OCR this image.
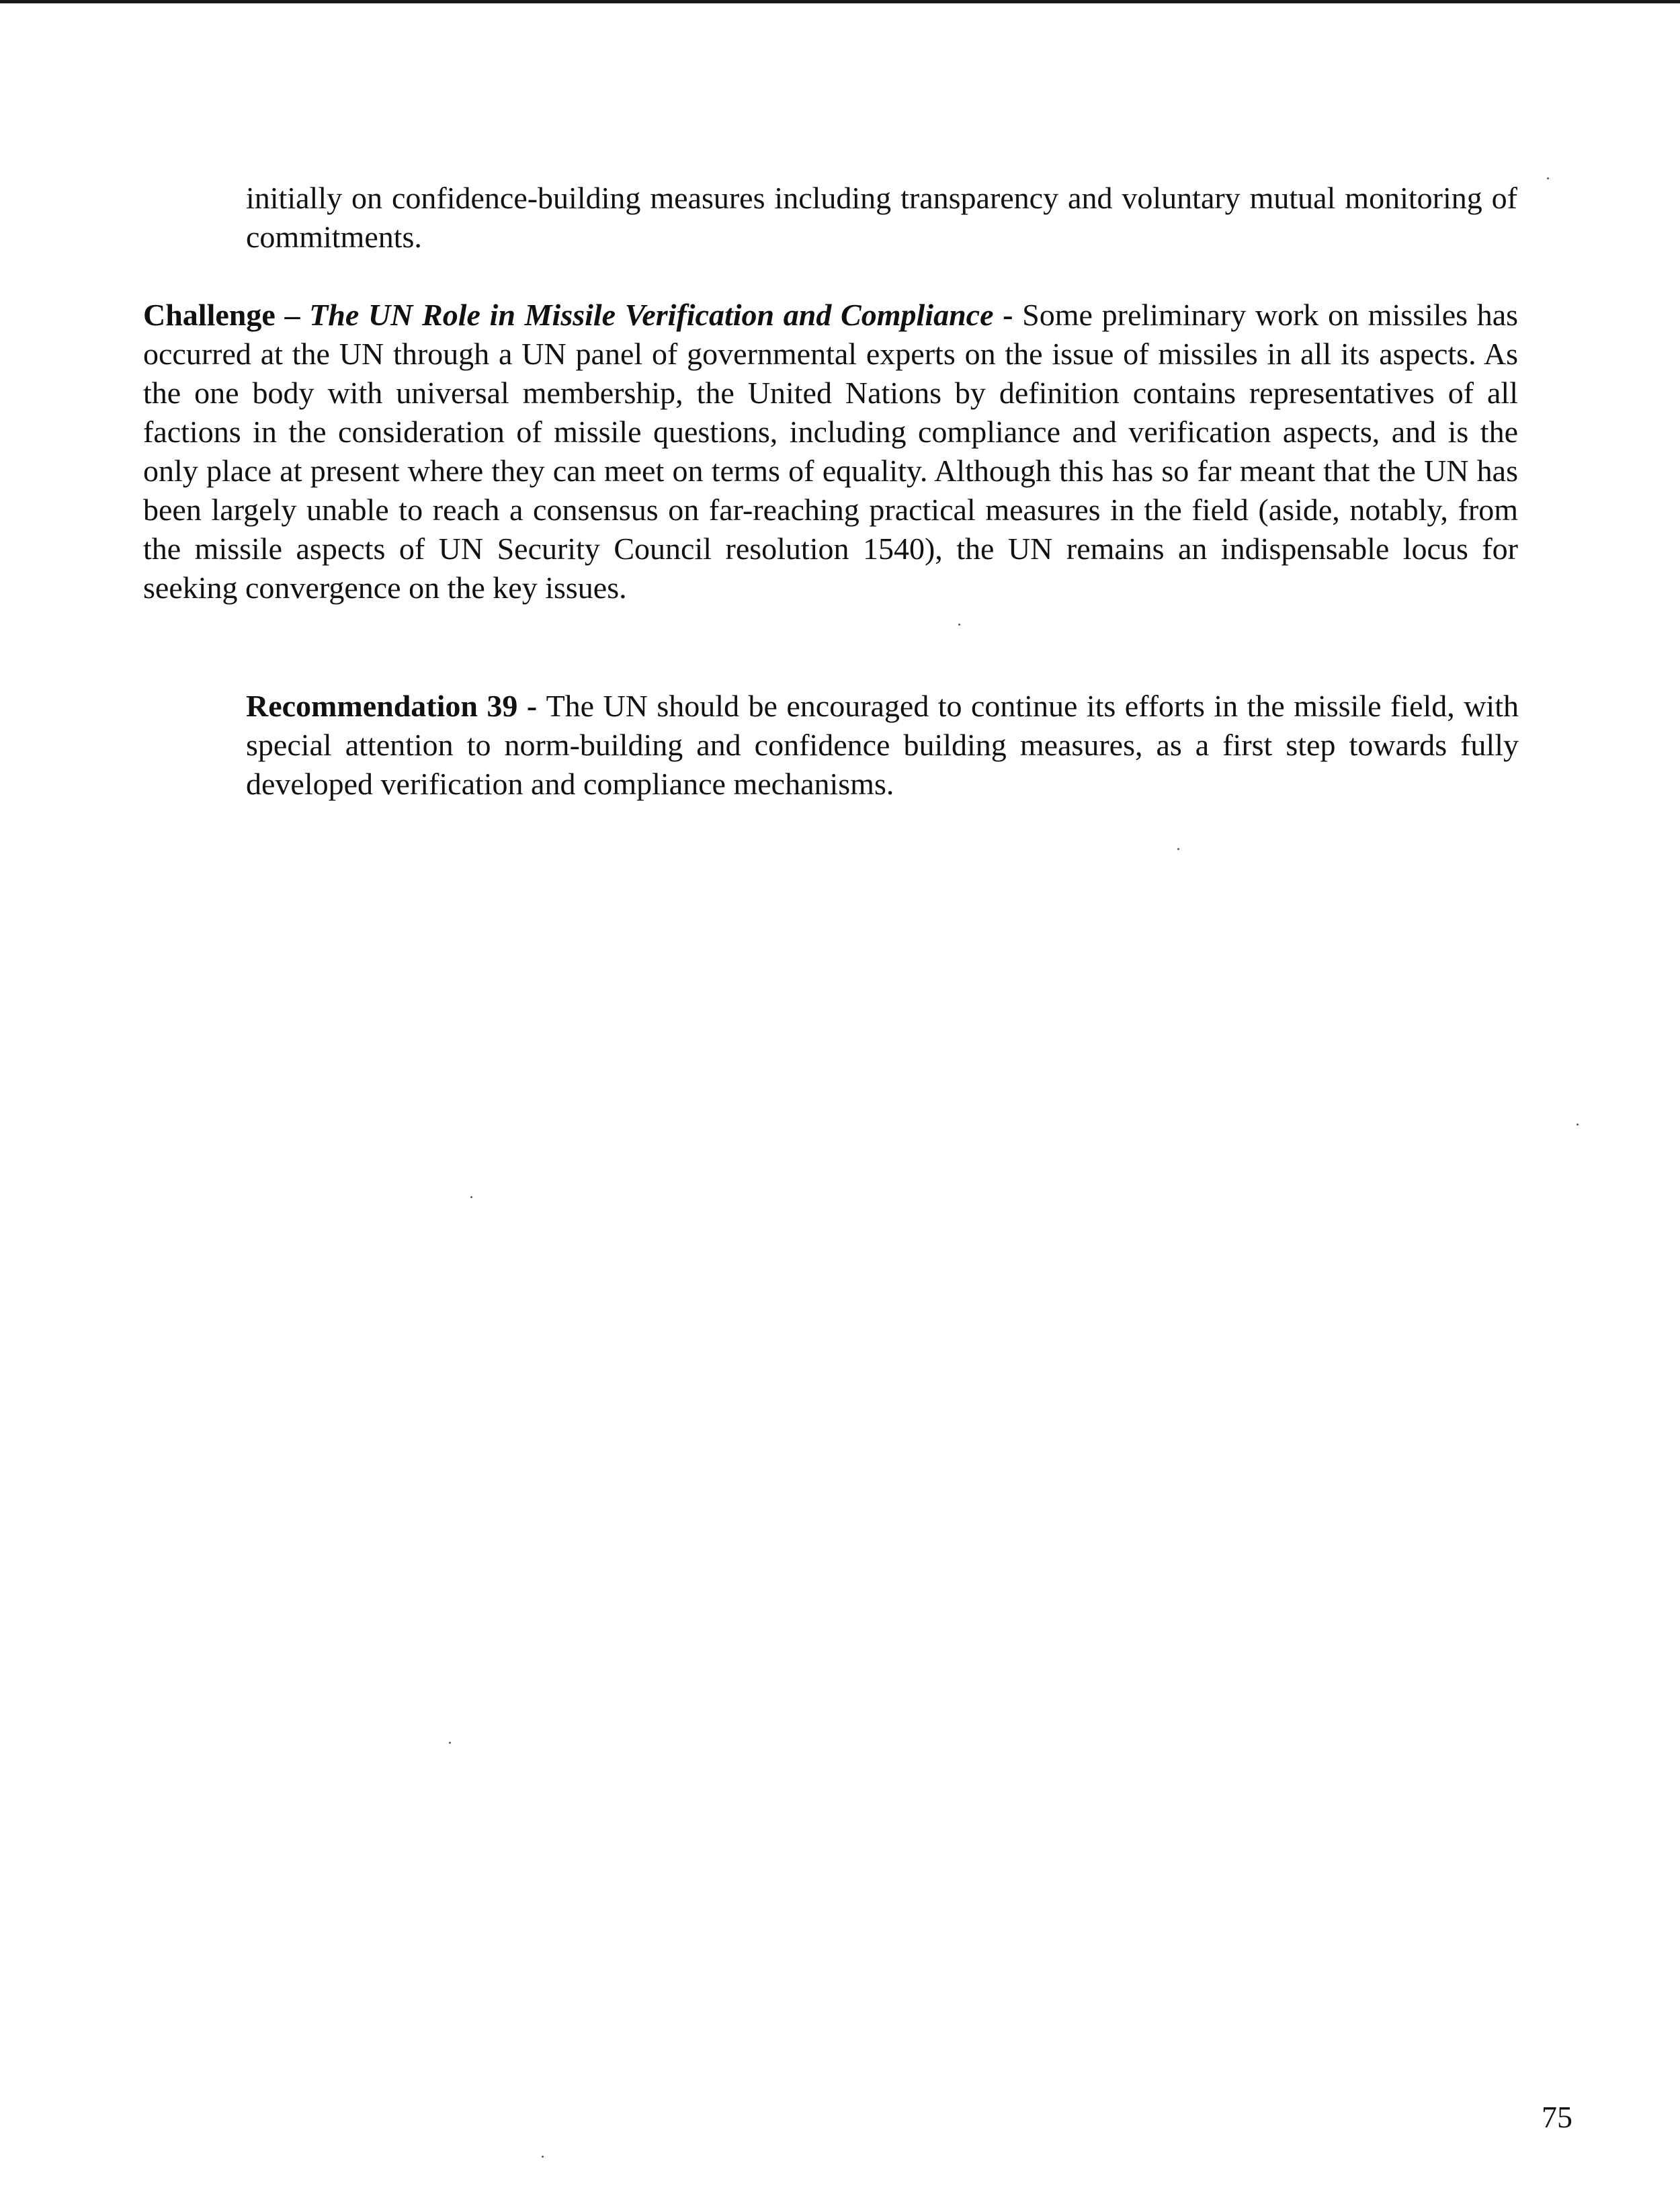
initially on confidence-building measures including transparency and voluntary mutual monitoring of commitments.

Challenge – The UN Role in Missile Verification and Compliance - Some preliminary work on missiles has occurred at the UN through a UN panel of governmental experts on the issue of missiles in all its aspects. As the one body with universal membership, the United Nations by definition contains representatives of all factions in the consideration of missile questions, including compliance and verification aspects, and is the only place at present where they can meet on terms of equality. Although this has so far meant that the UN has been largely unable to reach a consensus on far-reaching practical measures in the field (aside, notably, from the missile aspects of UN Security Council resolution 1540), the UN remains an indispensable locus for seeking convergence on the key issues.

Recommendation 39 - The UN should be encouraged to continue its efforts in the missile field, with special attention to norm-building and confidence building measures, as a first step towards fully developed verification and compliance mechanisms.

75
